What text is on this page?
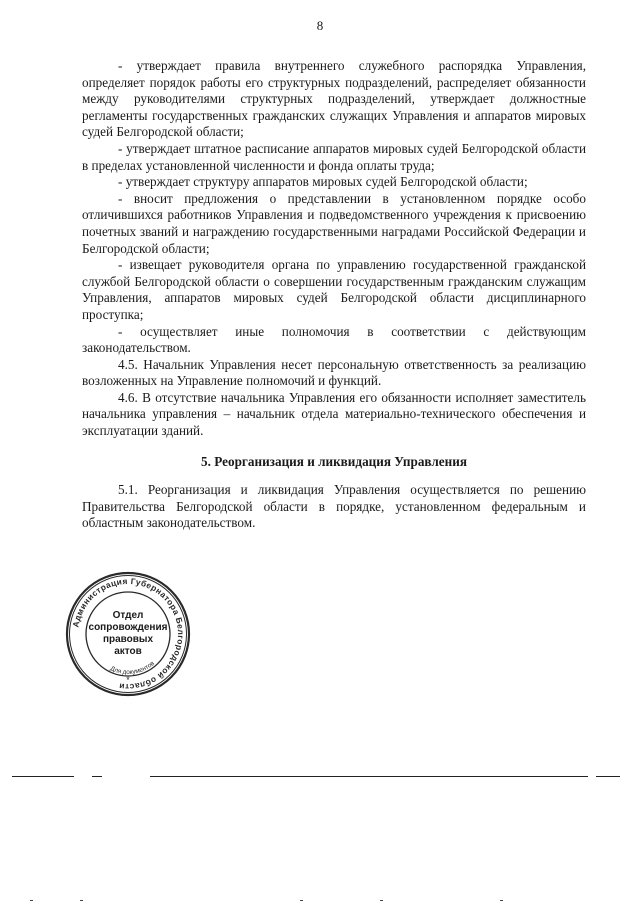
8

- утверждает правила внутреннего служебного распорядка Управления, определяет порядок работы его структурных подразделений, распределяет обязанности между руководителями структурных подразделений, утверждает должностные регламенты государственных гражданских служащих Управления и аппаратов мировых судей Белгородской области;

- утверждает штатное расписание аппаратов мировых судей Белгородской области в пределах установленной численности и фонда оплаты труда;

- утверждает структуру аппаратов мировых судей Белгородской области;

- вносит предложения о представлении в установленном порядке особо отличившихся работников Управления и подведомственного учреждения к присвоению почетных званий и награждению государственными наградами Российской Федерации и Белгородской области;

- извещает руководителя органа по управлению государственной гражданской службой Белгородской области о совершении государственным гражданским служащим Управления, аппаратов мировых судей Белгородской области дисциплинарного проступка;

- осуществляет иные полномочия в соответствии с действующим законодательством.

4.5. Начальник Управления несет персональную ответственность за реализацию возложенных на Управление полномочий и функций.

4.6. В отсутствие начальника Управления его обязанности исполняет заместитель начальника управления – начальник отдела материально-технического обеспечения и эксплуатации зданий.

5. Реорганизация и ликвидация Управления

5.1. Реорганизация и ликвидация Управления осуществляется по решению Правительства Белгородской области в порядке, установленном федеральным и областным законодательством.

Администрация Губернатора Белгородской области
Для документов
*
Отдел
сопровождения
правовых
актов
